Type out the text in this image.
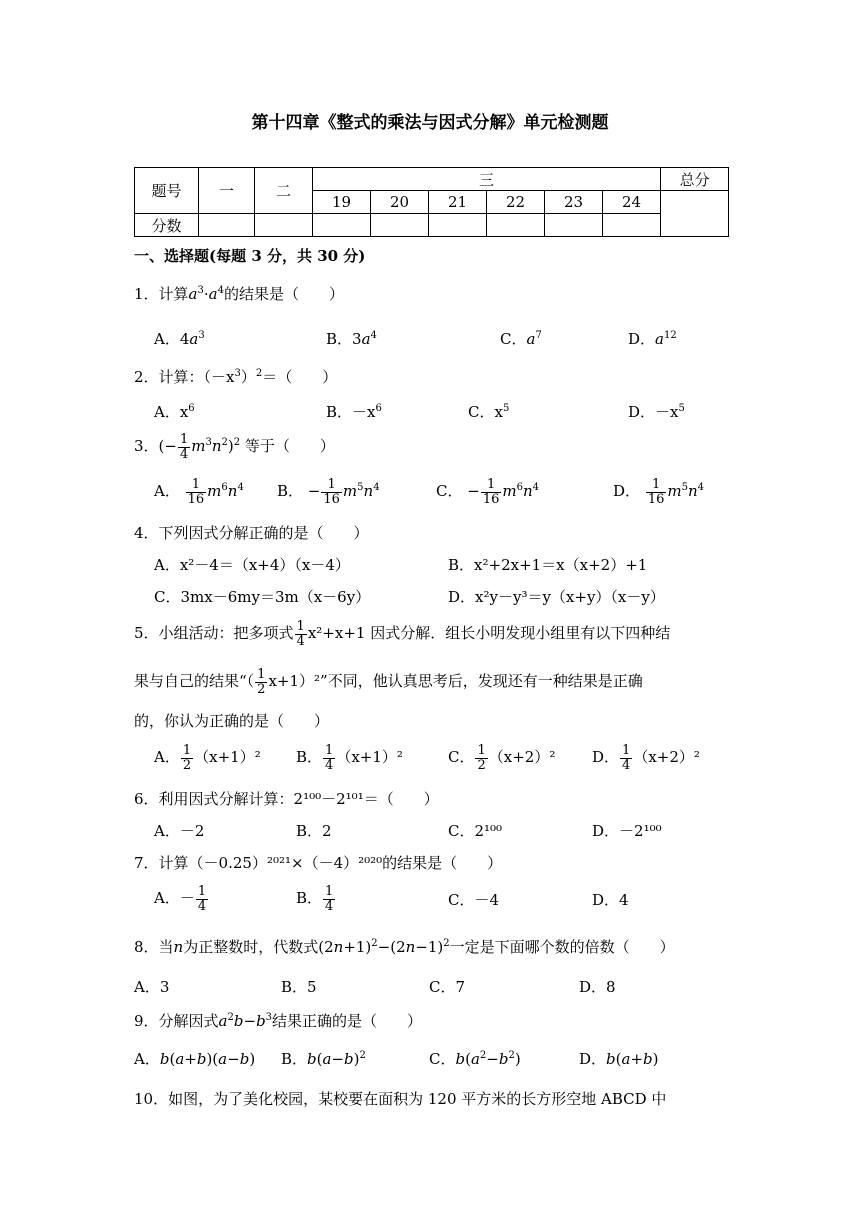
第十四章《整式的乘法与因式分解》单元检测题
题号	一	二	三						总分
			19	20	21	22	23	24	
分数									
一、选择题(每题 3 分，共 30 分)
1．计算$a^3\cdot a^4$的结果是（　　）
A．$4a^3$	B．$3a^4$	C．$a^7$	D．$a^{12}$
2．计算：$(-x^3)^2=$（　　）
A．$x^6$	B．$-x^6$	C．$x^5$	D．$-x^5$
3．(− $\frac{1}{4} m^3n^2)^2$ 等于（　　）
A． $\frac{1}{16} m^6n^4$ B． − $\frac{1}{16} m^5n^4$	C． − $\frac{1}{16} m^6n^4$	D． $\frac{1}{16} m^5n^4$
4．下列因式分解正确的是（　　）
A．x²－4＝（x+4）（x－4）	B．x²+2x+1＝x（x+2）+1
C．3mx－6my＝3m（x－6y）	D．x²y－y³＝y（x+y）（x－y）
5．小组活动：把多项式 $\frac{1}{4} x^2+x+1$ 因式分解．组长小明发现小组里有以下四种结
果与自己的结果“（ $\frac{1}{2} x+1)^2$”不同，他认真思考后，发现还有一种结果是正确
的，你认为正确的是（　　）
A． $\frac{1}{2} (x+1)^2$ B． $\frac{1}{4} (x+1)^2$	C． $\frac{1}{2} (x+2)^2$ D． $\frac{1}{4} (x+2)^2$
6．利用因式分解计算：2¹⁰⁰－2¹⁰¹＝（　　）
A．－2	B．2	C．2¹⁰⁰	D．－2¹⁰⁰
7．计算（－0.25）²⁰²¹×（－4）²⁰²⁰的结果是（　　）
A．－ $\frac{1}{4}$	B． $\frac{1}{4}$	C．－4	D．4
8．当n为正整数时，代数式$(2n+1)^2-(2n-1)^2$一定是下面哪个数的倍数（　　）
A．3	B．5	C．7	D．8
9．分解因式$a^2b-b^3$结果正确的是（　　）
A．b(a+b)(a−b) B．$b(a-b)^2$	C．$b(a^2-b^2)$	D．b(a+b)
10．如图，为了美化校园，某校要在面积为 120 平方米的长方形空地 ABCD 中
